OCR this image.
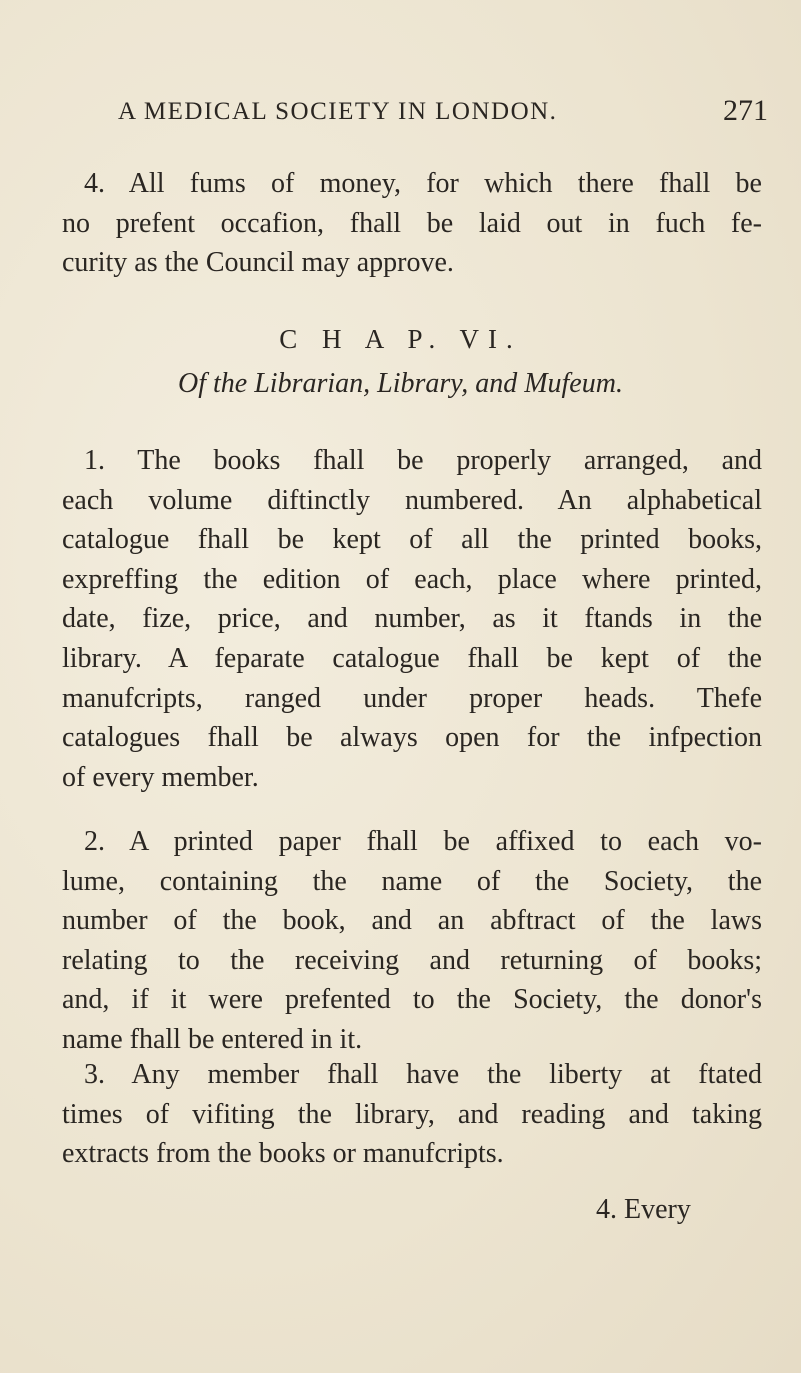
A MEDICAL SOCIETY IN LONDON.	271
4. All fums of money, for which there fhall be
no prefent occafion, fhall be laid out in fuch fe-
curity as the Council may approve.
C H A P. VI.
Of the Librarian, Library, and Mufeum.
1. The books fhall be properly arranged, and
each volume diftinctly numbered. An alphabetical
catalogue fhall be kept of all the printed books,
expreffing the edition of each, place where printed,
date, fize, price, and number, as it ftands in the
library. A feparate catalogue fhall be kept of the
manufcripts, ranged under proper heads. Thefe
catalogues fhall be always open for the infpection
of every member.
2. A printed paper fhall be affixed to each vo-
lume, containing the name of the Society, the
number of the book, and an abftract of the laws
relating to the receiving and returning of books;
and, if it were prefented to the Society, the donor's
name fhall be entered in it.
3. Any member fhall have the liberty at ftated
times of vifiting the library, and reading and taking
extracts from the books or manufcripts.
4. Every
